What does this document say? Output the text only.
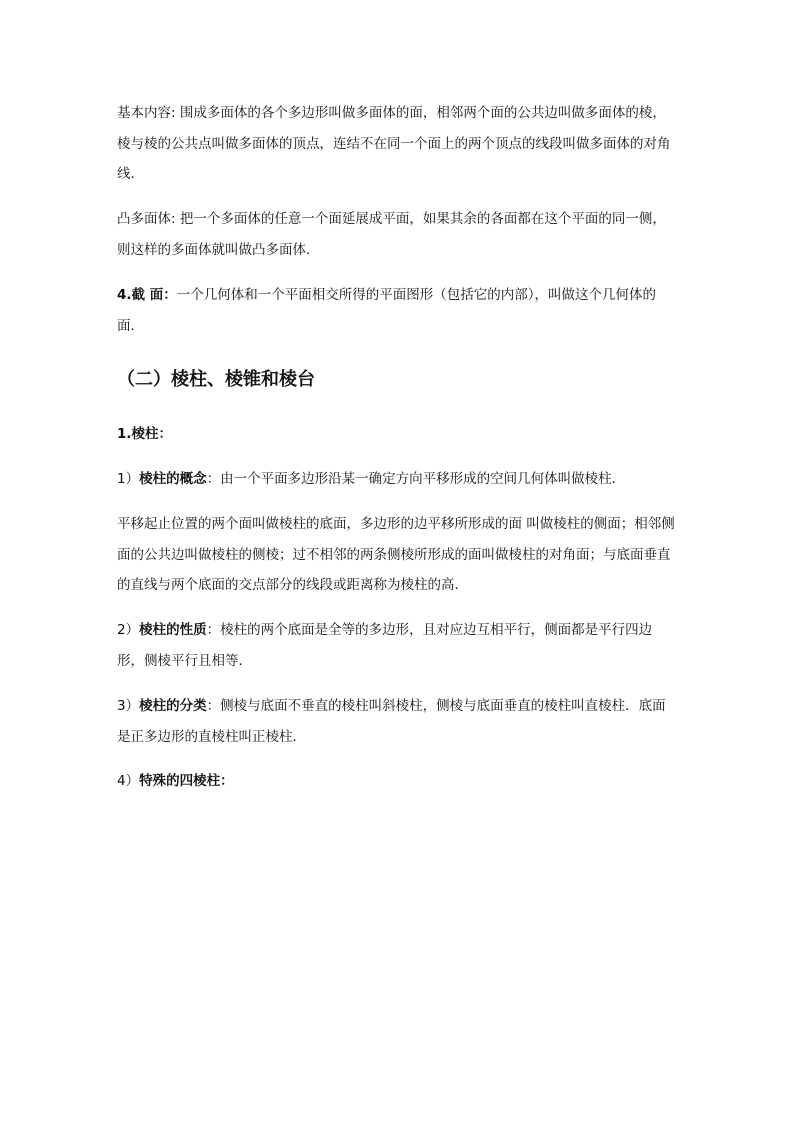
基本内容: 围成多面体的各个多边形叫做多面体的面，相邻两个面的公共边叫做多面体的棱，棱与棱的公共点叫做多面体的顶点，连结不在同一个面上的两个顶点的线段叫做多面体的对角线．

凸多面体: 把一个多面体的任意一个面延展成平面，如果其余的各面都在这个平面的同一侧，则这样的多面体就叫做凸多面体．

4.截 面：一个几何体和一个平面相交所得的平面图形（包括它的内部），叫做这个几何体的面．

（二）棱柱、棱锥和棱台

1.棱柱：

1）棱柱的概念：由一个平面多边形沿某一确定方向平移形成的空间几何体叫做棱柱．

平移起止位置的两个面叫做棱柱的底面，多边形的边平移所形成的面 叫做棱柱的侧面；相邻侧面的公共边叫做棱柱的侧棱；过不相邻的两条侧棱所形成的面叫做棱柱的对角面；与底面垂直的直线与两个底面的交点部分的线段或距离称为棱柱的高．

2）棱柱的性质：棱柱的两个底面是全等的多边形，且对应边互相平行，侧面都是平行四边形，侧棱平行且相等．

3）棱柱的分类：侧棱与底面不垂直的棱柱叫斜棱柱，侧棱与底面垂直的棱柱叫直棱柱．底面是正多边形的直棱柱叫正棱柱．

4）特殊的四棱柱：
